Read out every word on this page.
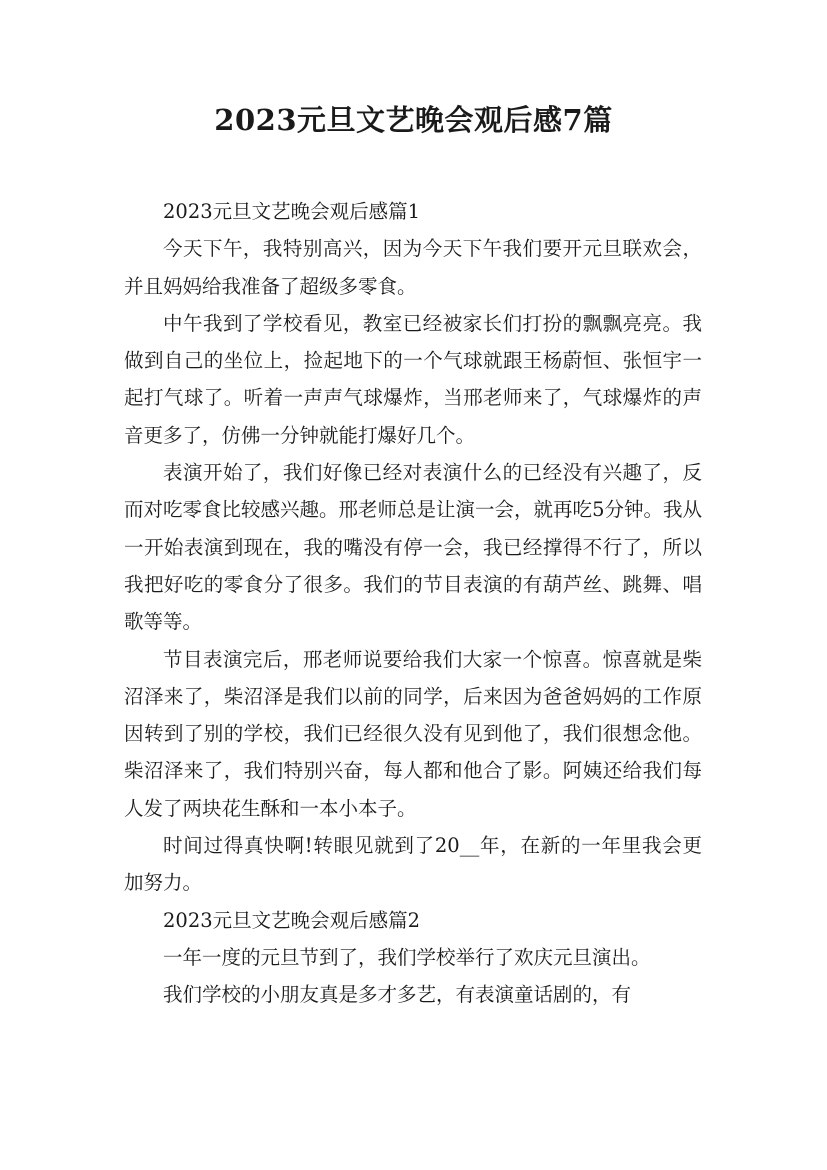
2023元旦文艺晚会观后感7篇

2023元旦文艺晚会观后感篇1

今天下午，我特别高兴，因为今天下午我们要开元旦联欢会，并且妈妈给我准备了超级多零食。

中午我到了学校看见，教室已经被家长们打扮的飘飘亮亮。我做到自己的坐位上，捡起地下的一个气球就跟王杨蔚恒、张恒宇一起打气球了。听着一声声气球爆炸，当邢老师来了，气球爆炸的声音更多了，仿佛一分钟就能打爆好几个。

表演开始了，我们好像已经对表演什么的已经没有兴趣了，反而对吃零食比较感兴趣。邢老师总是让演一会，就再吃5分钟。我从一开始表演到现在，我的嘴没有停一会，我已经撑得不行了，所以我把好吃的零食分了很多。我们的节目表演的有葫芦丝、跳舞、唱歌等等。

节目表演完后，邢老师说要给我们大家一个惊喜。惊喜就是柴沼泽来了，柴沼泽是我们以前的同学，后来因为爸爸妈妈的工作原因转到了别的学校，我们已经很久没有见到他了，我们很想念他。柴沼泽来了，我们特别兴奋，每人都和他合了影。阿姨还给我们每人发了两块花生酥和一本小本子。

时间过得真快啊!转眼见就到了20__年，在新的一年里我会更加努力。

2023元旦文艺晚会观后感篇2

一年一度的元旦节到了，我们学校举行了欢庆元旦演出。

我们学校的小朋友真是多才多艺，有表演童话剧的，有
